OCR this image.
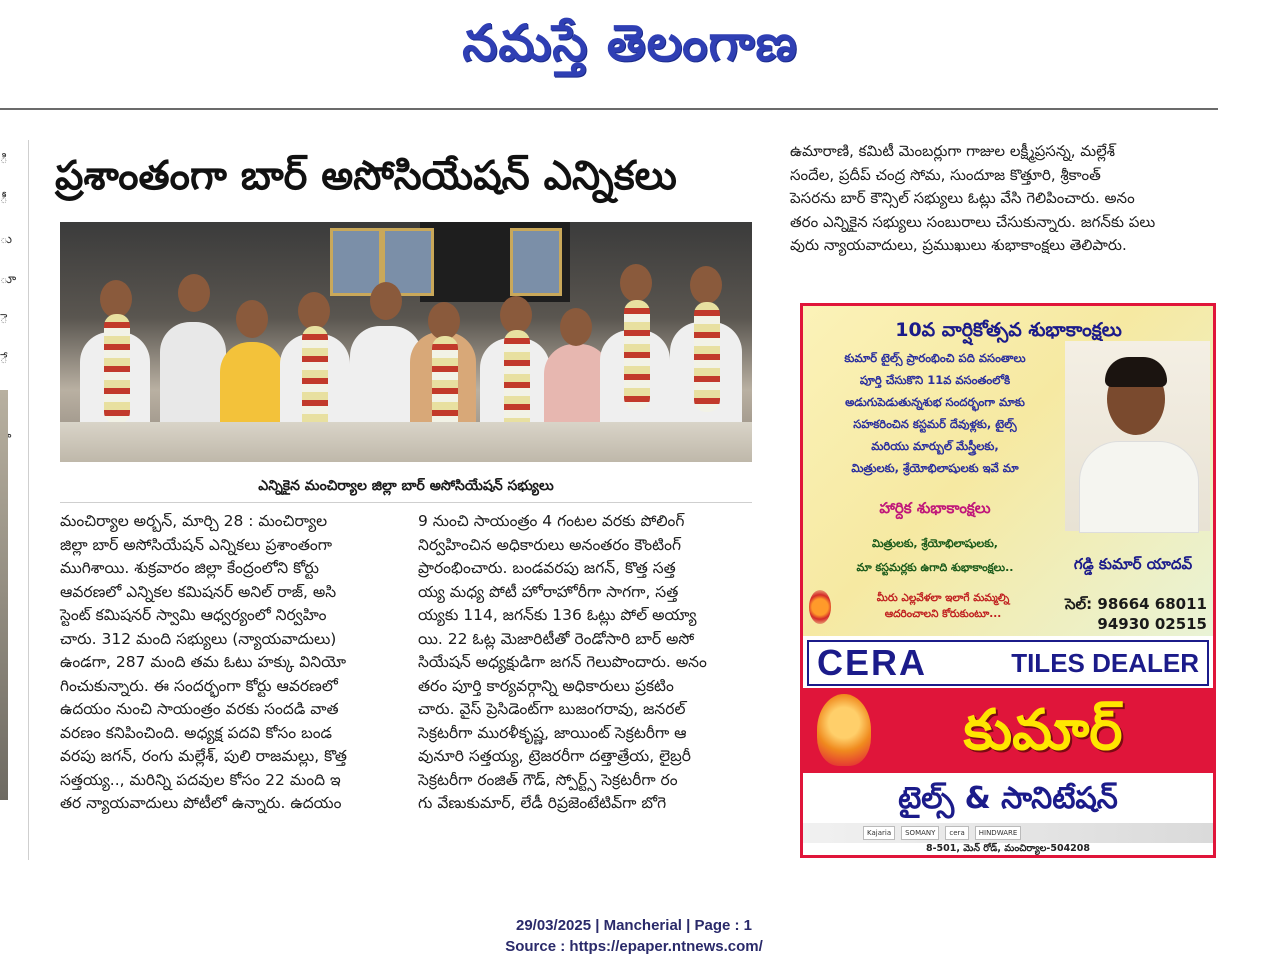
నమస్తే తెలంగాణ
ి
ీ
ు
ూ
ె
ే
ప్రశాంతంగా బార్ అసోసియేషన్ ఎన్నికలు
ఎన్నికైన మంచిర్యాల జిల్లా బార్ అసోసియేషన్ సభ్యులు

మంచిర్యాల అర్బన్, మార్చి 28 : మంచిర్యాల

జిల్లా బార్ అసోసియేషన్ ఎన్నికలు ప్రశాంతంగా

ముగిశాయి. శుక్రవారం జిల్లా కేంద్రంలోని కోర్టు

ఆవరణలో ఎన్నికల కమిషనర్ అనిల్ రాజ్, అసి

స్టెంట్ కమిషనర్ స్వామి ఆధ్వర్యంలో నిర్వహిం

చారు. 312 మంది సభ్యులు (న్యాయవాదులు)

ఉండగా, 287 మంది తమ ఓటు హక్కు వినియో

గించుకున్నారు. ఈ సందర్భంగా కోర్టు ఆవరణలో

ఉదయం నుంచి సాయంత్రం వరకు సందడి వాత

వరణం కనిపించింది. అధ్యక్ష పదవి కోసం బండ

వరపు జగన్, రంగు మల్లేశ్, పులి రాజమల్లు, కొత్త

సత్తయ్య.., మరిన్ని పదవుల కోసం 22 మంది ఇ

తర న్యాయవాదులు పోటీలో ఉన్నారు. ఉదయం

9 నుంచి సాయంత్రం 4 గంటల వరకు పోలింగ్

నిర్వహించిన అధికారులు అనంతరం కౌంటింగ్

ప్రారంభించారు. బండవరపు జగన్, కొత్త సత్త

య్య మధ్య పోటీ హోరాహోరీగా సాగగా, సత్త

య్యకు 114, జగన్‌కు 136 ఓట్లు పోల్ అయ్యా

యి. 22 ఓట్ల మెజారిటీతో రెండోసారి బార్ అసో

సియేషన్ అధ్యక్షుడిగా జగన్ గెలుపొందారు. అనం

తరం పూర్తి కార్యవర్గాన్ని అధికారులు ప్రకటిం

చారు. వైస్ ప్రెసిడెంట్‌గా బుజంగరావు, జనరల్

సెక్రటరీగా మురళీకృష్ణ, జాయింట్ సెక్రటరీగా ఆ

వునూరి సత్తయ్య, ట్రెజరరీగా దత్తాత్రేయ, లైబ్రరీ

సెక్రటరీగా రంజిత్ గౌడ్, స్పోర్ట్స్ సెక్రటరీగా రం

గు వేణుకుమార్, లేడీ రిప్రజెంటేటివ్‌గా బోగె

ఉమారాణి, కమిటీ మెంబర్లుగా గాజుల లక్ష్మీప్రసన్న, మల్లేశ్

సందేల, ప్రదీప్ చంద్ర సోమ, సుందూజ కొత్తూరి, శ్రీకాంత్

పెసరను బార్ కౌన్సిల్ సభ్యులు ఓట్లు వేసి గెలిపించారు. అనం

తరం ఎన్నికైన సభ్యులు సంబురాలు చేసుకున్నారు. జగన్‌కు పలు

వురు న్యాయవాదులు, ప్రముఖులు శుభాకాంక్షలు తెలిపారు.

10వ వార్షికోత్సవ శుభాకాంక్షలు
కుమార్ టైల్స్ ప్రారంభించి పది వసంతాలు
పూర్తి చేసుకొని 11వ వసంతంలోకి
అడుగుపెడుతున్నశుభ సందర్భంగా మాకు
సహకరించిన కస్టమర్ దేవుళ్లకు, టైల్స్
మరియు మార్బుల్ మేస్త్రీలకు,
మిత్రులకు, శ్రేయోభిలాషులకు ఇవే మా
హార్దిక శుభాకాంక్షలు
మిత్రులకు, శ్రేయోభిలాషులకు,
మా కస్టమర్లకు ఉగాది శుభాకాంక్షలు..	గడ్డి కుమార్ యాదవ్
మీరు ఎల్లవేళలా ఇలాగే మమ్మల్ని
ఆదరించాలని కోరుకుంటూ...
సెల్: 98664 68011
94930 02515
CERA	TILES DEALER
కుమార్
టైల్స్ & సానిటేషన్
Kajaria	SOMANY	cera	HINDWARE
8-501, మెన్ రోడ్, మంచిర్యాల-504208
29/03/2025 | Mancherial | Page : 1
Source : https://epaper.ntnews.com/
